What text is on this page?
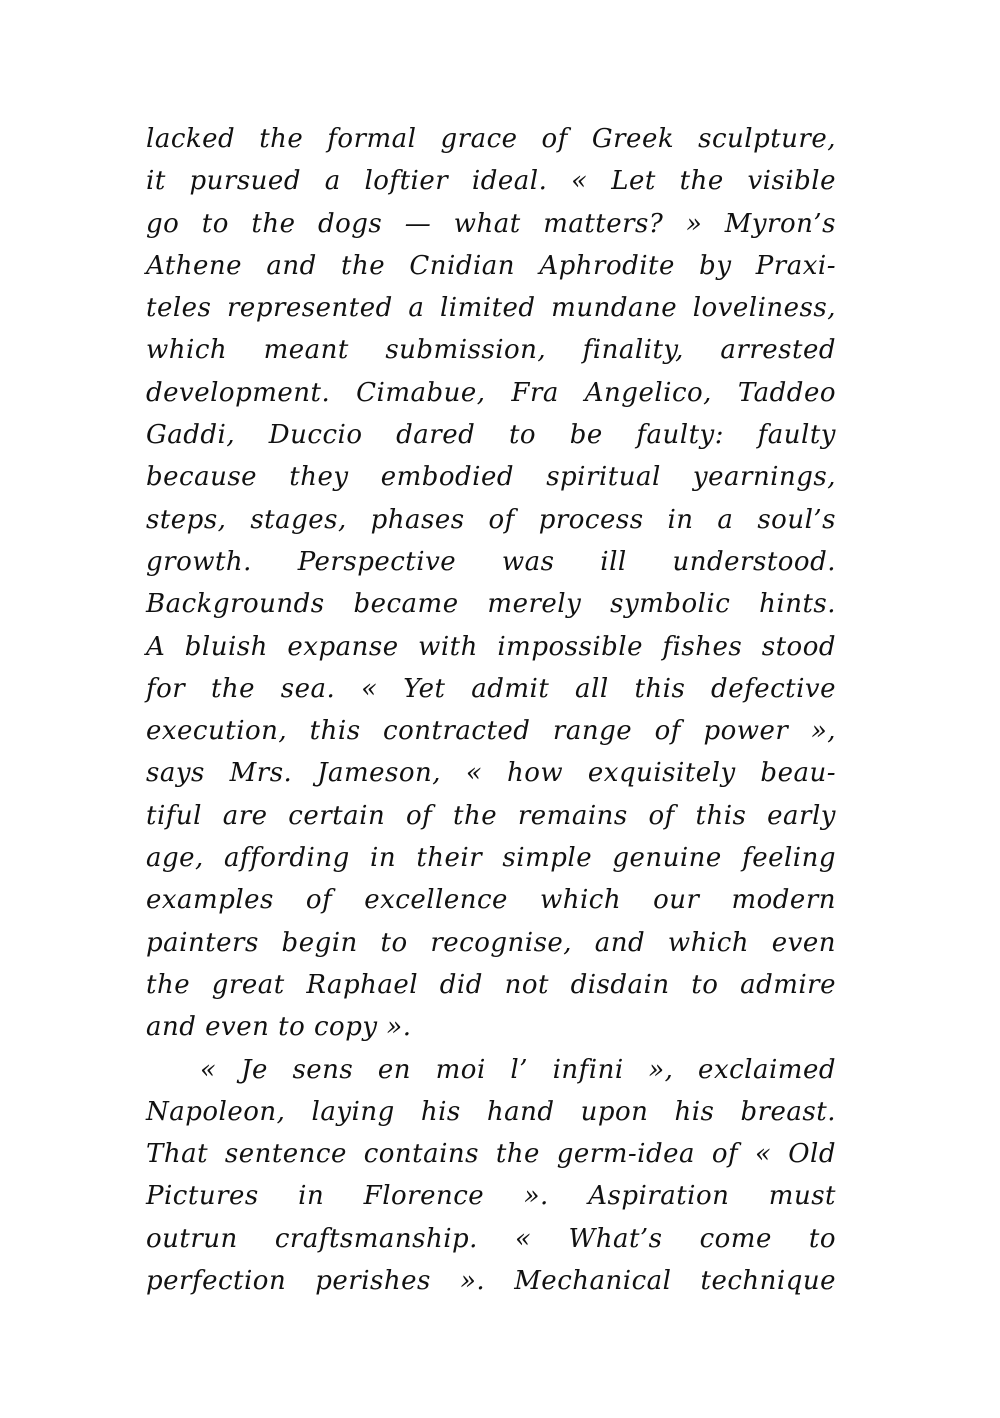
lacked the formal grace of Greek sculpture,
it pursued a loftier ideal. « Let the visible
go to the dogs — what matters? » Myron’s
Athene and the Cnidian Aphrodite by Praxi-
teles represented a limited mundane loveliness,
which meant submission, finality, arrested
development. Cimabue, Fra Angelico, Taddeo
Gaddi, Duccio dared to be faulty: faulty
because they embodied spiritual yearnings,
steps, stages, phases of process in a soul’s
growth. Perspective was ill understood.
Backgrounds became merely symbolic hints.
A bluish expanse with impossible fishes stood
for the sea. « Yet admit all this defective
execution, this contracted range of power »,
says Mrs. Jameson, « how exquisitely beau-
tiful are certain of the remains of this early
age, affording in their simple genuine feeling
examples of excellence which our modern
painters begin to recognise, and which even
the great Raphael did not disdain to admire
and even to copy ».
« Je sens en moi l’ infini », exclaimed
Napoleon, laying his hand upon his breast.
That sentence contains the germ-idea of « Old
Pictures in Florence ». Aspiration must
outrun craftsmanship. « What’s come to
perfection perishes ». Mechanical technique
